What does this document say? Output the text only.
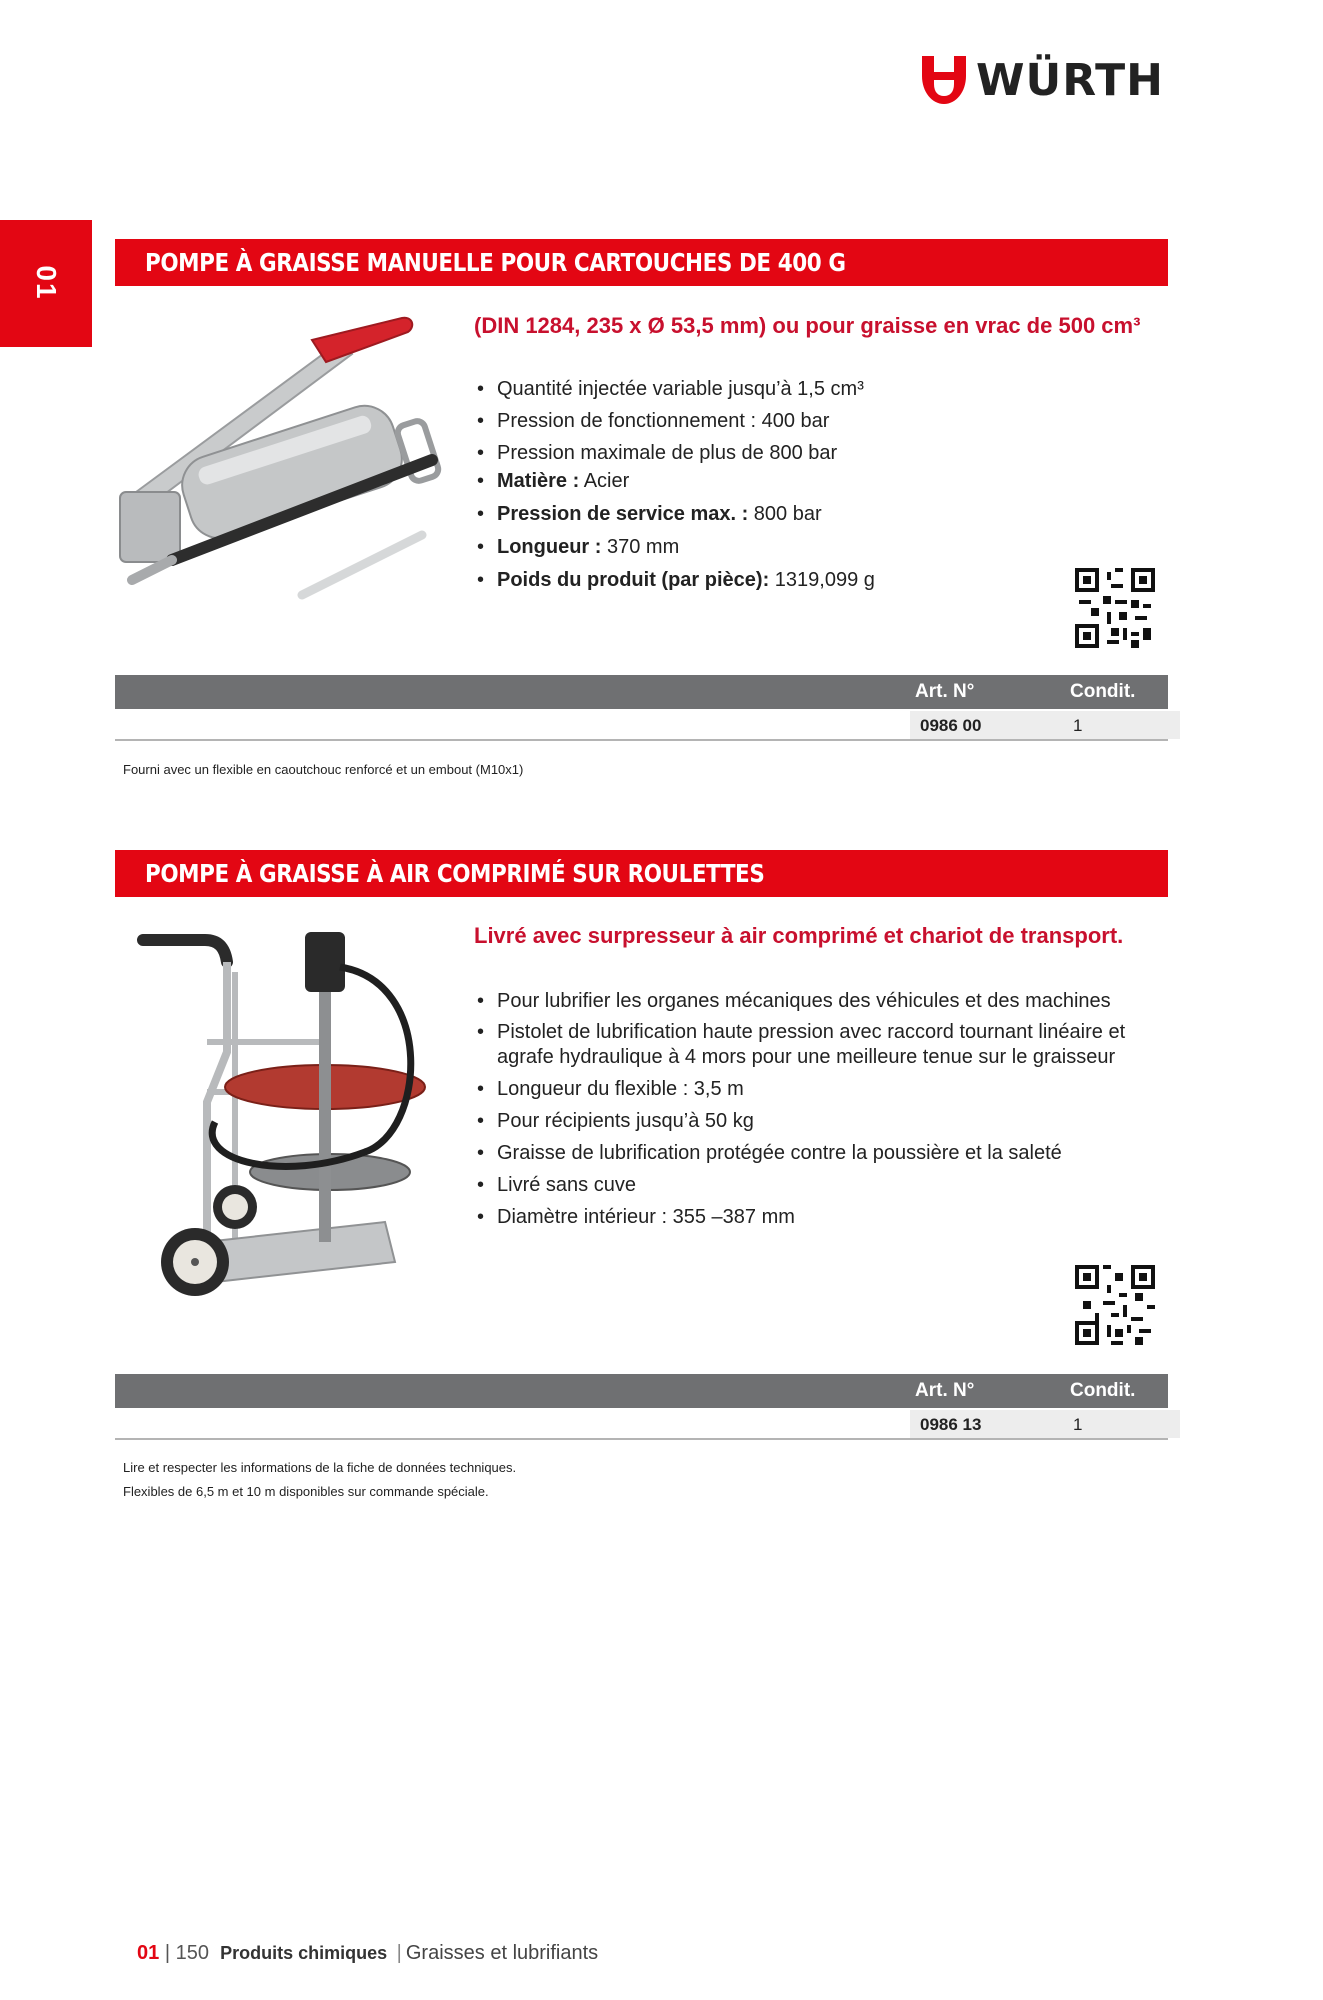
WÜRTH
01
POMPE À GRAISSE MANUELLE POUR CARTOUCHES DE 400 G
(DIN 1284, 235 x Ø 53,5 mm) ou pour graisse en vrac de 500 cm³
• Quantité injectée variable jusqu’à 1,5 cm³
• Pression de fonctionnement : 400 bar
• Pression maximale de plus de 800 bar
• Matière : Acier
• Pression de service max. : 800 bar
• Longueur : 370 mm
• Poids du produit (par pièce): 1319,099 g
Art. N°	Condit.
0986 00	1
Fourni avec un flexible en caoutchouc renforcé et un embout (M10x1)
POMPE À GRAISSE À AIR COMPRIMÉ SUR ROULETTES
Livré avec surpresseur à air comprimé et chariot de transport.
• Pour lubrifier les organes mécaniques des véhicules et des machines
• Pistolet de lubrification haute pression avec raccord tournant linéaire et agrafe hydraulique à 4 mors pour une meilleure tenue sur le graisseur
• Longueur du flexible : 3,5 m
• Pour récipients jusqu’à 50 kg
• Graisse de lubrification protégée contre la poussière et la saleté
• Livré sans cuve
• Diamètre intérieur : 355 –387 mm
Art. N°	Condit.
0986 13	1
Lire et respecter les informations de la fiche de données techniques.
Flexibles de 6,5 m et 10 m disponibles sur commande spéciale.
01 | 150 Produits chimiques | Graisses et lubrifiants
